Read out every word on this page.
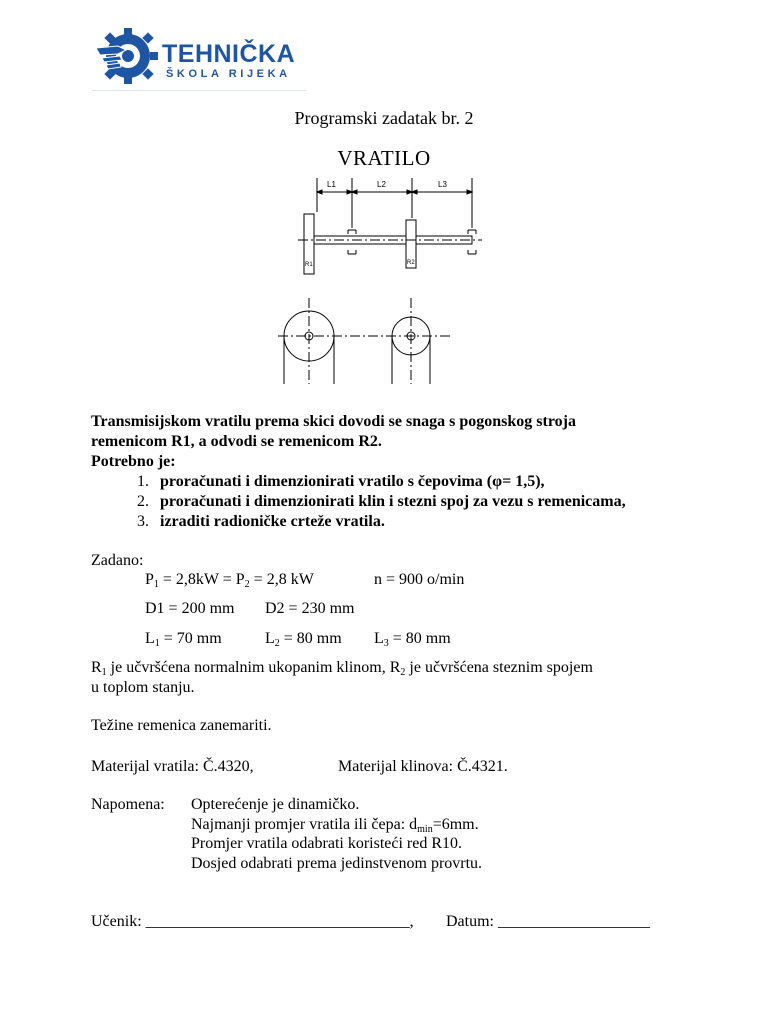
TEHNIČKA
ŠKOLA RIJEKA
Programski zadatak br. 2
VRATILO
L1	L2	L3
R1	R2
Transmisijskom vratilu prema skici dovodi se snaga s pogonskog stroja
remenicom R1, a odvodi se remenicom R2.
Potrebno je:
1. proračunati i dimenzionirati vratilo s čepovima (φ= 1,5),
2. proračunati i dimenzionirati klin i stezni spoj za vezu s remenicama,
3. izraditi radioničke crteže vratila.
Zadano:
$P_1 = 2,8kW = P_2 = 2,8$ kW	n = 900 o/min
D1 = 200 mm D2 = 230 mm
$L_1 = 70$ mm	$L_2 = 80$ mm $L_3 = 80$ mm
$R_1$ je učvršćena normalnim ukopanim klinom, $R_2$ je učvršćena steznim spojem
u toplom stanju.
Težine remenica zanemariti.
Materijal vratila: Č.4320,	Materijal klinova: Č.4321.
Napomena: Opterećenje je dinamičko.
Najmanji promjer vratila ili čepa: $d_{min}=6mm$.
Promjer vratila odabrati koristeći red R10.
Dosjed odabrati prema jedinstvenom provrtu.
Učenik: _________________________________, Datum: ___________________
